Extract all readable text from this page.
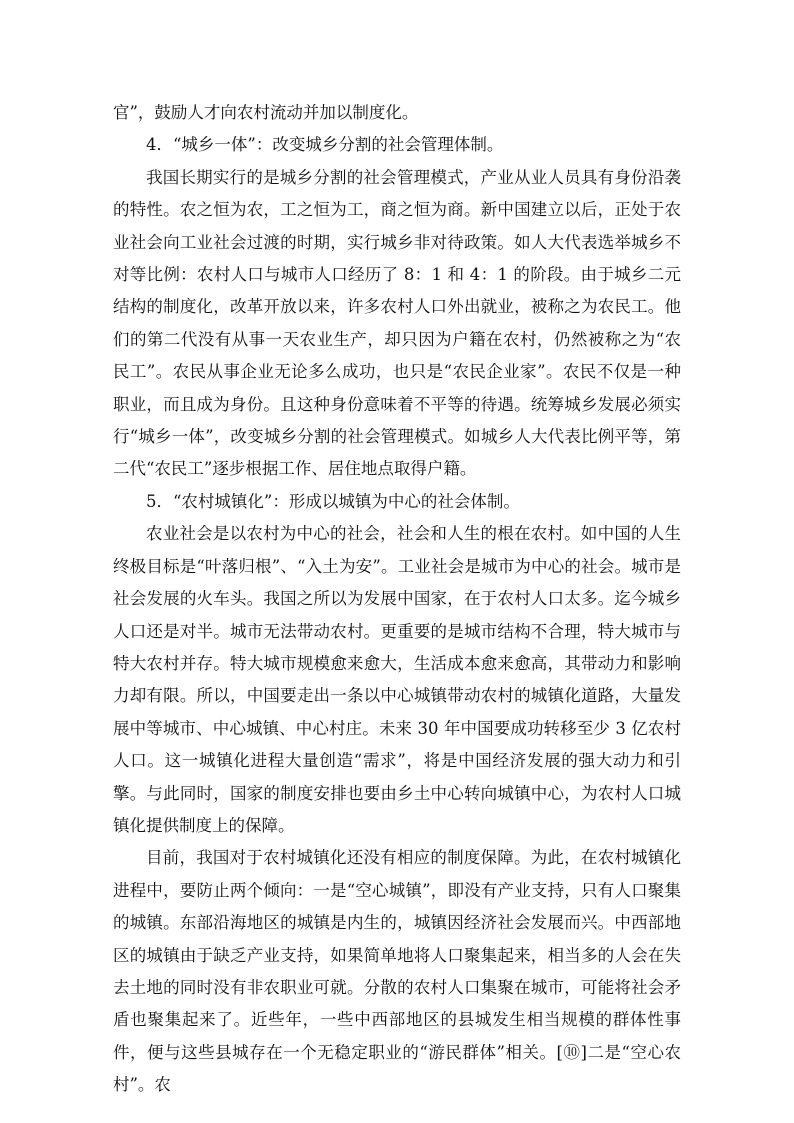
官”，鼓励人才向农村流动并加以制度化。

4．“城乡一体”：改变城乡分割的社会管理体制。

我国长期实行的是城乡分割的社会管理模式，产业从业人员具有身份沿袭的特性。农之恒为农，工之恒为工，商之恒为商。新中国建立以后，正处于农业社会向工业社会过渡的时期，实行城乡非对待政策。如人大代表选举城乡不对等比例：农村人口与城市人口经历了 8：1 和 4：1 的阶段。由于城乡二元结构的制度化，改革开放以来，许多农村人口外出就业，被称之为农民工。他们的第二代没有从事一天农业生产，却只因为户籍在农村，仍然被称之为“农民工”。农民从事企业无论多么成功，也只是“农民企业家”。农民不仅是一种职业，而且成为身份。且这种身份意味着不平等的待遇。统筹城乡发展必须实行“城乡一体”，改变城乡分割的社会管理模式。如城乡人大代表比例平等，第二代“农民工”逐步根据工作、居住地点取得户籍。

5．“农村城镇化”：形成以城镇为中心的社会体制。

农业社会是以农村为中心的社会，社会和人生的根在农村。如中国的人生终极目标是“叶落归根”、“入土为安”。工业社会是城市为中心的社会。城市是社会发展的火车头。我国之所以为发展中国家，在于农村人口太多。迄今城乡人口还是对半。城市无法带动农村。更重要的是城市结构不合理，特大城市与特大农村并存。特大城市规模愈来愈大，生活成本愈来愈高，其带动力和影响力却有限。所以，中国要走出一条以中心城镇带动农村的城镇化道路，大量发展中等城市、中心城镇、中心村庄。未来 30 年中国要成功转移至少 3 亿农村人口。这一城镇化进程大量创造“需求”，将是中国经济发展的强大动力和引擎。与此同时，国家的制度安排也要由乡土中心转向城镇中心，为农村人口城镇化提供制度上的保障。

目前，我国对于农村城镇化还没有相应的制度保障。为此，在农村城镇化进程中，要防止两个倾向：一是“空心城镇”，即没有产业支持，只有人口聚集的城镇。东部沿海地区的城镇是内生的，城镇因经济社会发展而兴。中西部地区的城镇由于缺乏产业支持，如果简单地将人口聚集起来，相当多的人会在失去土地的同时没有非农职业可就。分散的农村人口集聚在城市，可能将社会矛盾也聚集起来了。近些年，一些中西部地区的县城发生相当规模的群体性事件，便与这些县城存在一个无稳定职业的“游民群体”相关。[⑩]二是“空心农村”。农
